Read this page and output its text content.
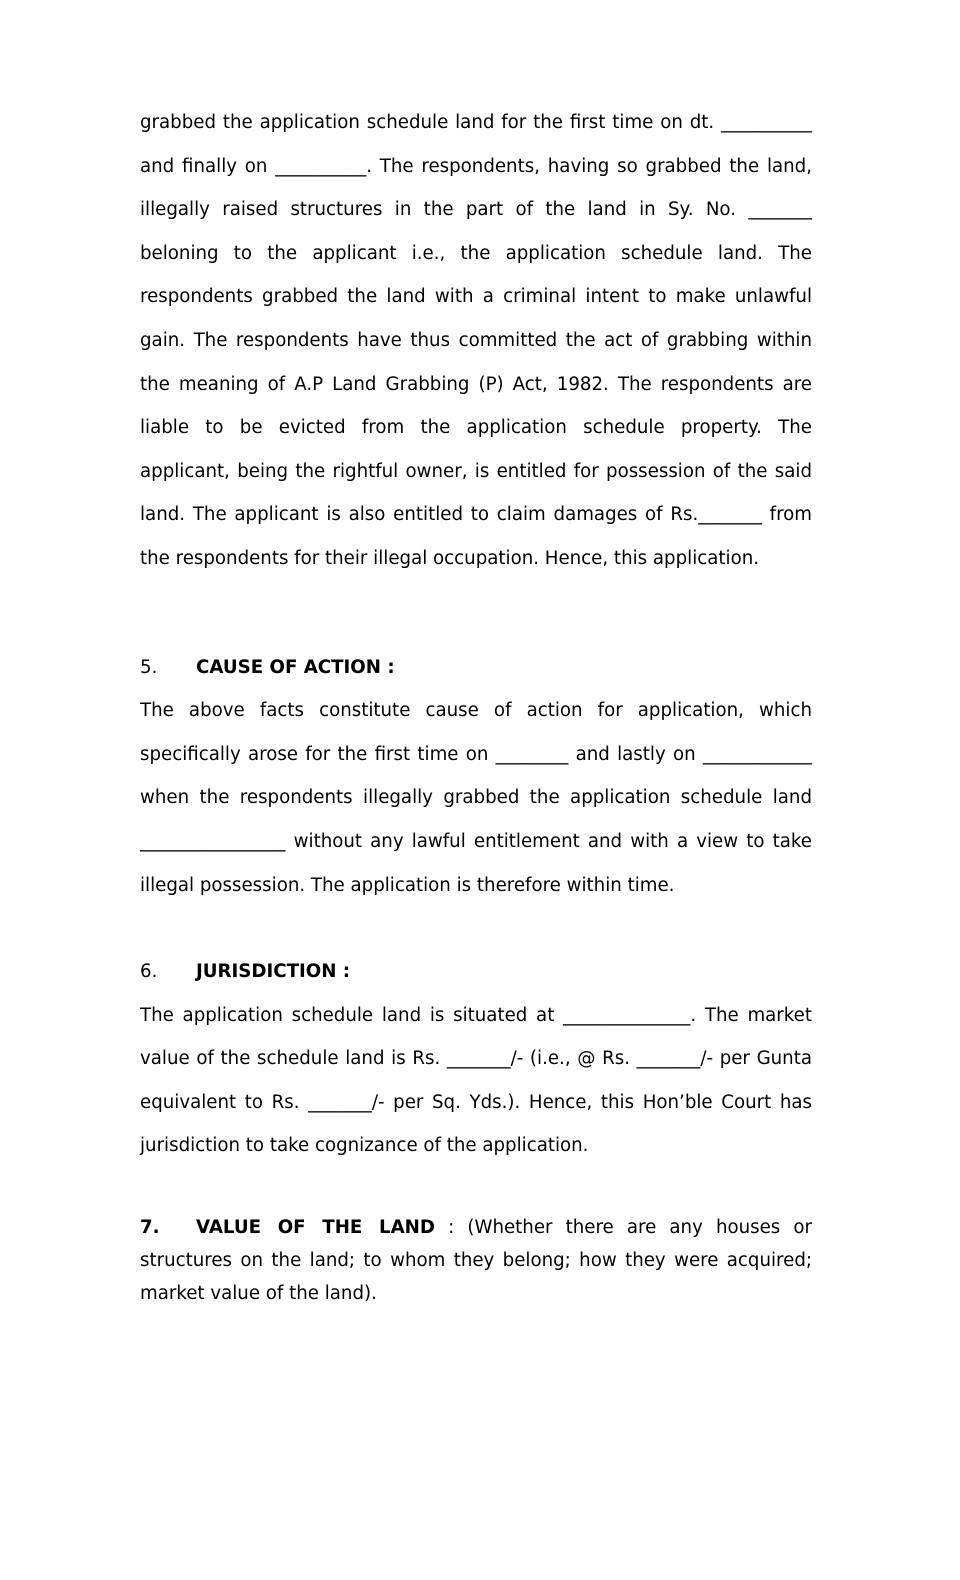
grabbed the application schedule land for the first time on dt. __________ and finally on __________. The respondents, having so grabbed the land, illegally raised structures in the part of the land in Sy. No. _______ beloning to the applicant i.e., the application schedule land. The respondents grabbed the land with a criminal intent to make unlawful gain. The respondents have thus committed the act of grabbing within the meaning of A.P Land Grabbing (P) Act, 1982. The respondents are liable to be evicted from the application schedule property. The applicant, being the rightful owner, is entitled for possession of the said land. The applicant is also entitled to claim damages of Rs._______ from the respondents for their illegal occupation. Hence, this application.

5. CAUSE OF ACTION :

The above facts constitute cause of action for application, which specifically arose for the first time on ________ and lastly on ____________ when the respondents illegally grabbed the application schedule land ________________ without any lawful entitlement and with a view to take illegal possession. The application is therefore within time.

6. JURISDICTION :

The application schedule land is situated at ______________. The market value of the schedule land is Rs. _______/- (i.e., @ Rs. _______/- per Gunta equivalent to Rs. _______/- per Sq. Yds.). Hence, this Hon’ble Court has jurisdiction to take cognizance of the application.

7. VALUE OF THE LAND : (Whether there are any houses or structures on the land; to whom they belong; how they were acquired; market value of the land).
